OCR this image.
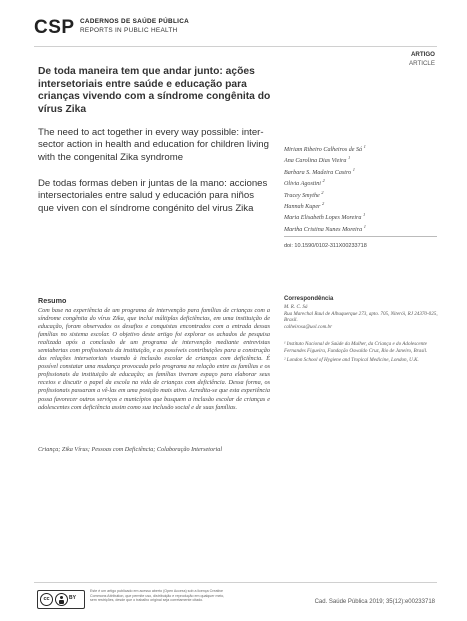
CSP CADERNOS DE SAÚDE PÚBLICA
REPORTS IN PUBLIC HEALTH
ARTIGO
ARTICLE
De toda maneira tem que andar junto: ações intersetoriais entre saúde e educação para crianças vivendo com a síndrome congênita do vírus Zika
The need to act together in every way possible: inter-sector action in health and education for children living with the congenital Zika syndrome
De todas formas deben ir juntas de la mano: acciones intersectoriales entre salud y educación para niños que viven con el síndrome congénito del virus Zika
Miriam Ribeiro Calheiros de Sá $^1$
Ana Carolina Dias Vieira $^1$
Barbara S. Madeira Castro $^1$
Olivia Agostini $^2$
Tracey Smythe $^2$
Hannah Kuper $^2$
Maria Elisabeth Lopes Moreira $^1$
Martha Cristina Nunes Moreira $^1$
doi: 10.1590/0102-311X00233718
Resumo
Com base na experiência de um programa de intervenção para famílias de crianças com a síndrome congênita do vírus Zika, que inclui múltiplas deficiências, em uma instituição de educação, foram observados os desafios e conquistas encontrados com a entrada dessas famílias no sistema escolar. O objetivo deste artigo foi explorar os achados de pesquisa realizada após a conclusão de um programa de intervenção mediante entrevistas semiabertas com profissionais da instituição, e as possíveis contribuições para a construção das relações intersetoriais visando à inclusão escolar de crianças com deficiência. É possível constatar uma mudança provocada pelo programa na relação entre as famílias e os profissionais da instituição de educação; as famílias tiveram espaço para elaborar seus receios e discutir o papel da escola na vida de crianças com deficiência. Dessa forma, os profissionais passaram a vê-las em uma posição mais ativa. Acredita-se que esta experiência possa favorecer outros serviços e municípios que busquem a inclusão escolar de crianças e adolescentes com deficiência assim como sua inclusão social e de suas famílias.
Criança; Zika Vírus; Pessoas com Deficiência; Colaboração Intersetorial
Correspondência
M. R. C. Sá
Rua Marechal Raul de Albuquerque 273, apto. 705, Niterói, RJ 24370-025, Brasil.
calheirosa@uol.com.br

¹ Instituto Nacional de Saúde da Mulher, da Criança e do Adolescente Fernandes Figueira, Fundação Oswaldo Cruz, Rio de Janeiro, Brasil.

² London School of Hygiene and Tropical Medicine, London, U.K.

cc	BY
Este é um artigo publicado em acesso aberto (Open Access) sob a licença Creative Commons Attribution, que permite uso, distribuição e reprodução em qualquer meio, sem restrições, desde que o trabalho original seja corretamente citado.	Cad. Saúde Pública 2019; 35(12):e00233718
